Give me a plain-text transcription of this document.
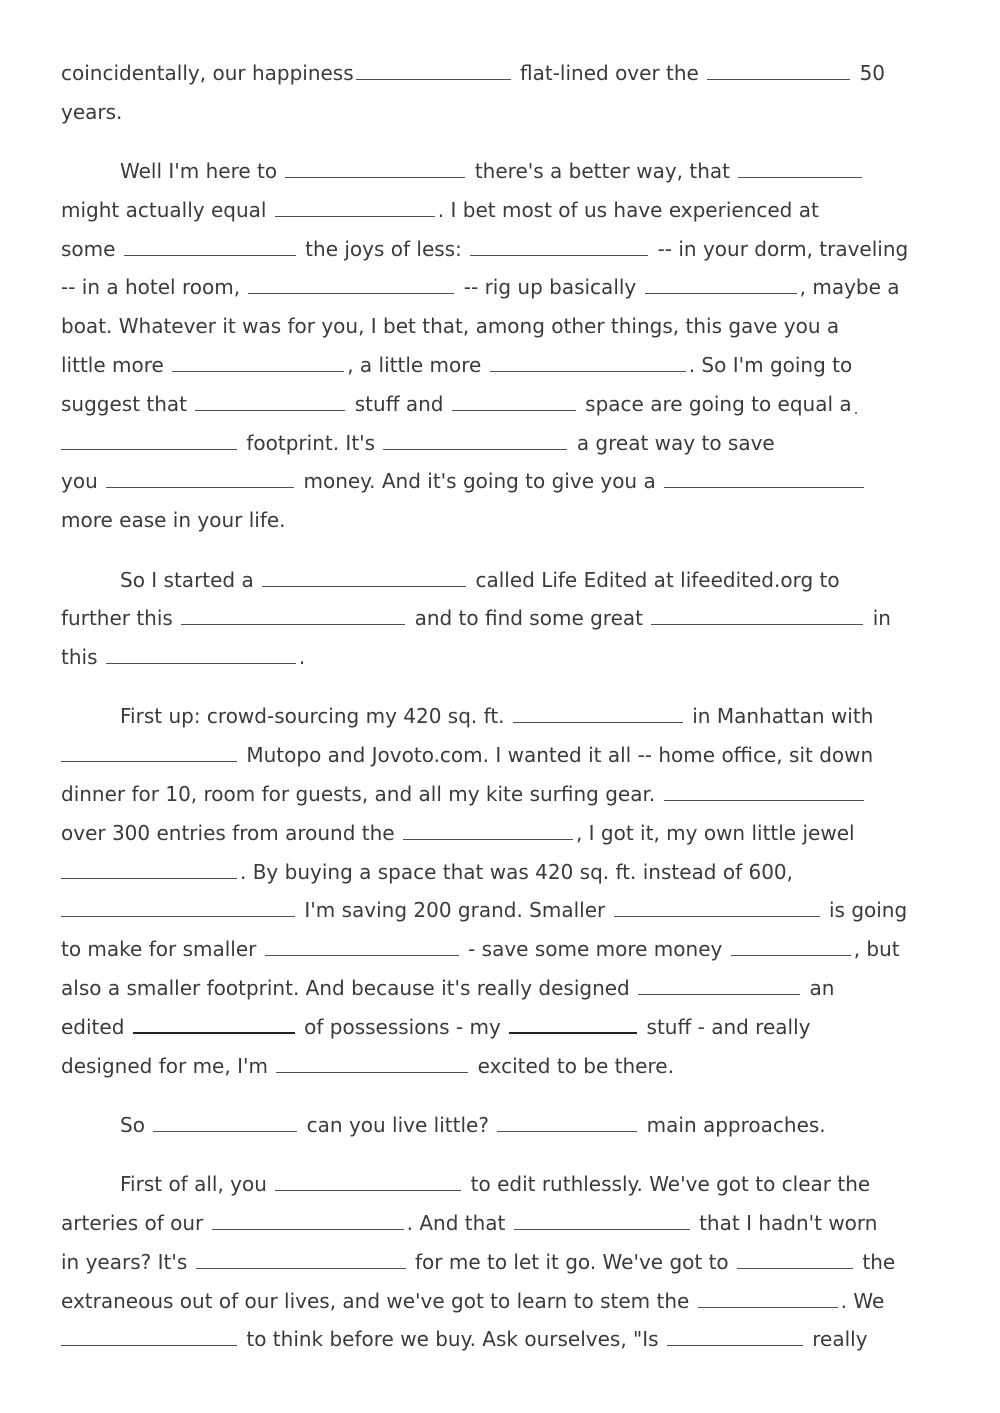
coincidentally, our happiness	flat-lined over the	50
years.
Well I'm here to	there's a better way, that
might actually equal	. I bet most of us have experienced at
some	the joys of less:	-- in your dorm, traveling
-- in a hotel room,	-- rig up basically	, maybe a
boat. Whatever it was for you, I bet that, among other things, this gave you a
little more	, a little more	. So I'm going to
suggest that	stuff and	space are going to equal a
footprint. It's	a great way to save
you	money. And it's going to give you a
more ease in your life.
So I started a	called Life Edited at lifeedited.org to
further this	and to find some great	in
this	.
First up: crowd-sourcing my 420 sq. ft.	in Manhattan with
Mutopo and Jovoto.com. I wanted it all -- home office, sit down
dinner for 10, room for guests, and all my kite surfing gear.
over 300 entries from around the	, I got it, my own little jewel
. By buying a space that was 420 sq. ft. instead of 600,
I'm saving 200 grand. Smaller	is going
to make for smaller	- save some more money	, but
also a smaller footprint. And because it's really designed	an
edited	of possessions - my	stuff - and really
designed for me, I'm	excited to be there.
So	can you live little?	main approaches.
First of all, you	to edit ruthlessly. We've got to clear the
arteries of our	. And that	that I hadn't worn
in years? It's	for me to let it go. We've got to	the
extraneous out of our lives, and we've got to learn to stem the	. We
to think before we buy. Ask ourselves, "Is	really
